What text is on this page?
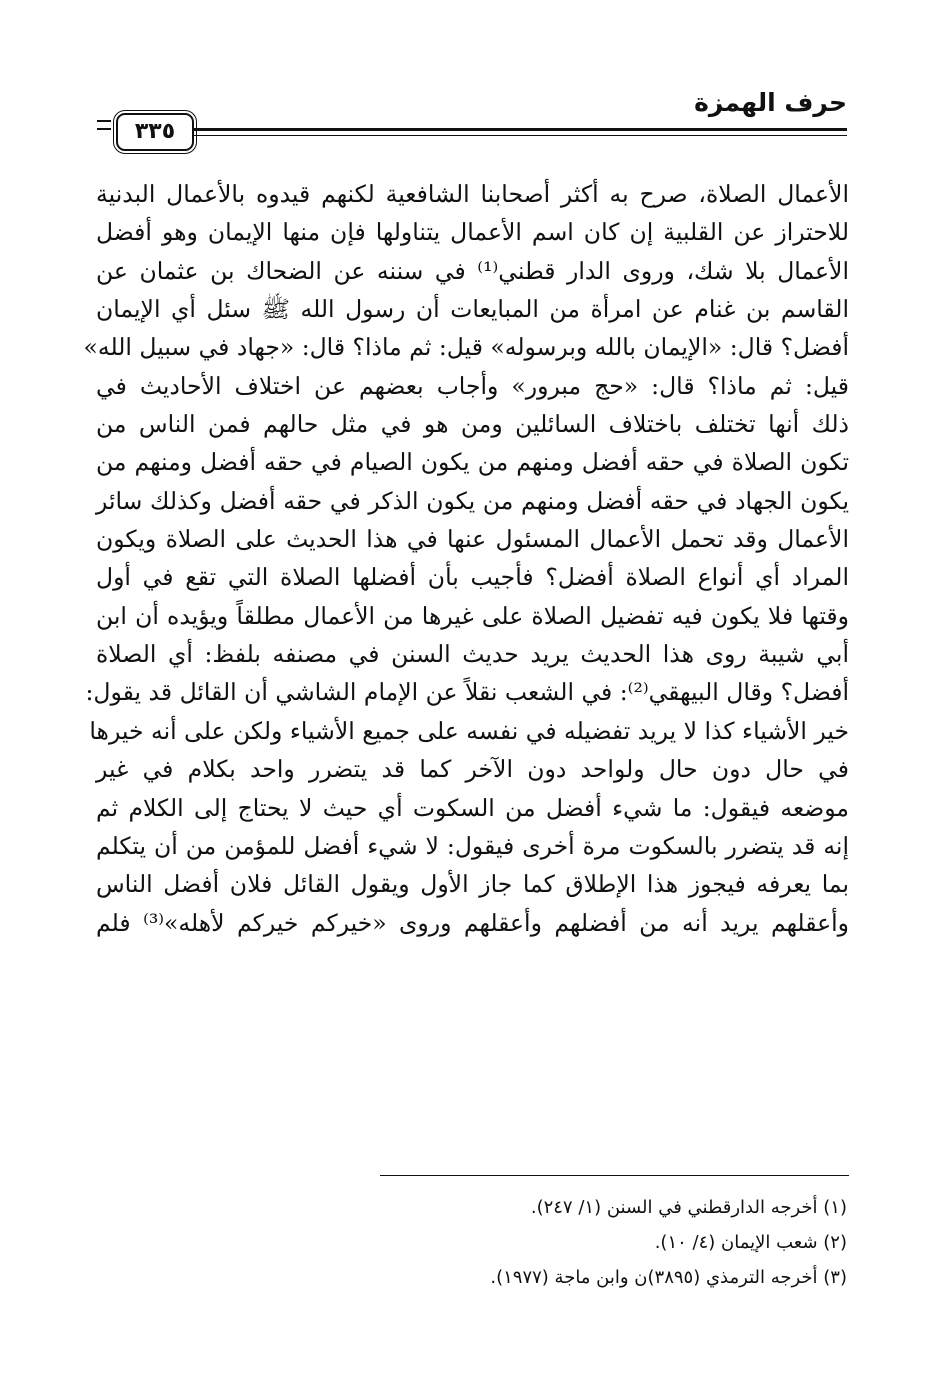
حرف الهمزة
٣٣٥

الأعمال الصلاة، صرح به أكثر أصحابنا الشافعية لكنهم قيدوه بالأعمال البدنية

للاحتراز عن القلبية إن كان اسم الأعمال يتناولها فإن منها الإيمان وهو أفضل

الأعمال بلا شك، وروى الدار قطني⁽¹⁾ في سننه عن الضحاك بن عثمان عن

القاسم بن غنام عن امرأة من المبايعات أن رسول الله ﷺ سئل أي الإيمان

أفضل؟ قال: «الإيمان بالله وبرسوله» قيل: ثم ماذا؟ قال: «جهاد في سبيل الله»

قيل: ثم ماذا؟ قال: «حج مبرور» وأجاب بعضهم عن اختلاف الأحاديث في

ذلك أنها تختلف باختلاف السائلين ومن هو في مثل حالهم فمن الناس من

تكون الصلاة في حقه أفضل ومنهم من يكون الصيام في حقه أفضل ومنهم من

يكون الجهاد في حقه أفضل ومنهم من يكون الذكر في حقه أفضل وكذلك سائر

الأعمال وقد تحمل الأعمال المسئول عنها في هذا الحديث على الصلاة ويكون

المراد أي أنواع الصلاة أفضل؟ فأجيب بأن أفضلها الصلاة التي تقع في أول

وقتها فلا يكون فيه تفضيل الصلاة على غيرها من الأعمال مطلقاً ويؤيده أن ابن

أبي شيبة روى هذا الحديث يريد حديث السنن في مصنفه بلفظ: أي الصلاة

أفضل؟ وقال البيهقي⁽²⁾: في الشعب نقلاً عن الإمام الشاشي أن القائل قد يقول:

خير الأشياء كذا لا يريد تفضيله في نفسه على جميع الأشياء ولكن على أنه خيرها

في حال دون حال ولواحد دون الآخر كما قد يتضرر واحد بكلام في غير

موضعه فيقول: ما شيء أفضل من السكوت أي حيث لا يحتاج إلى الكلام ثم

إنه قد يتضرر بالسكوت مرة أخرى فيقول: لا شيء أفضل للمؤمن من أن يتكلم

بما يعرفه فيجوز هذا الإطلاق كما جاز الأول ويقول القائل فلان أفضل الناس

وأعقلهم يريد أنه من أفضلهم وأعقلهم وروى «خيركم خيركم لأهله»⁽³⁾ فلم

(١) أخرجه الدارقطني في السنن (١/ ٢٤٧).

(٢) شعب الإيمان (٤/ ١٠).

(٣) أخرجه الترمذي (٣٨٩٥)ن وابن ماجة (١٩٧٧).
